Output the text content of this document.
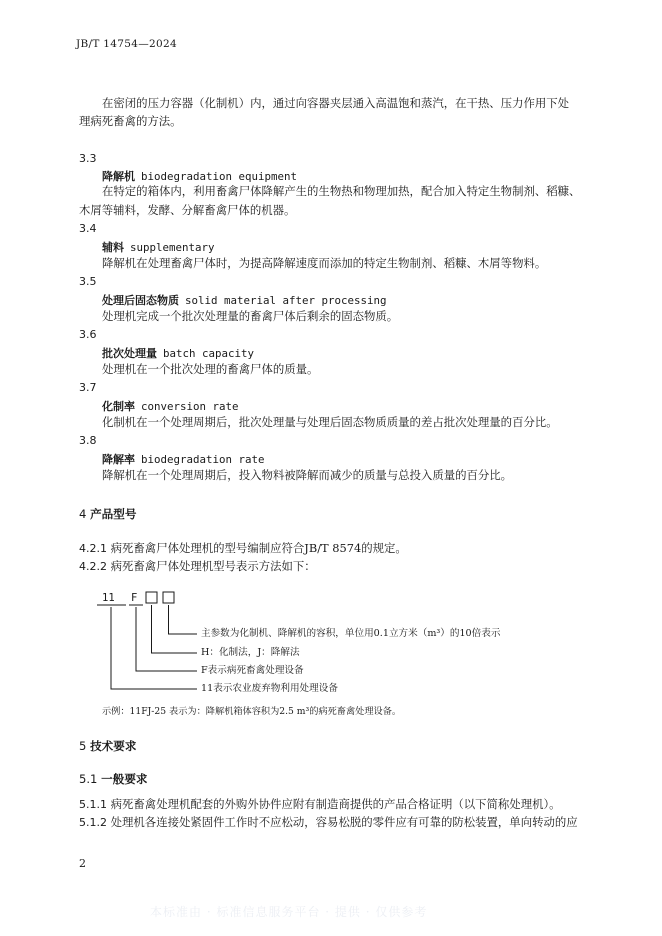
JB/T 14754—2024
在密闭的压力容器（化制机）内，通过向容器夹层通入高温饱和蒸汽，在干热、压力作用下处
理病死畜禽的方法。
3.3
降解机 biodegradation equipment
在特定的箱体内，利用畜禽尸体降解产生的生物热和物理加热，配合加入特定生物制剂、稻糠、
木屑等辅料，发酵、分解畜禽尸体的机器。
3.4
辅料 supplementary
降解机在处理畜禽尸体时，为提高降解速度而添加的特定生物制剂、稻糠、木屑等物料。
3.5
处理后固态物质 solid material after processing
处理机完成一个批次处理量的畜禽尸体后剩余的固态物质。
3.6
批次处理量 batch capacity
处理机在一个批次处理的畜禽尸体的质量。
3.7
化制率 conversion rate
化制机在一个处理周期后，批次处理量与处理后固态物质质量的差占批次处理量的百分比。
3.8
降解率 biodegradation rate
降解机在一个处理周期后，投入物料被降解而减少的质量与总投入质量的百分比。
4 产品型号
4.2.1 病死畜禽尸体处理机的型号编制应符合JB/T 8574的规定。
4.2.2 病死畜禽尸体处理机型号表示方法如下：
11 F
主参数为化制机、降解机的容积，单位用0.1立方米（m³）的10倍表示
H：化制法，J：降解法
F表示病死畜禽处理设备
11表示农业废弃物利用处理设备
示例：11FJ-25 表示为：降解机箱体容积为2.5 m³的病死畜禽处理设备。
5 技术要求
5.1 一般要求
5.1.1 病死畜禽处理机配套的外购外协件应附有制造商提供的产品合格证明（以下简称处理机）。
5.1.2 处理机各连接处紧固件工作时不应松动，容易松脱的零件应有可靠的防松装置，单向转动的应
2
本标准由 · 标准信息服务平台 · 提供 · 仅供参考
